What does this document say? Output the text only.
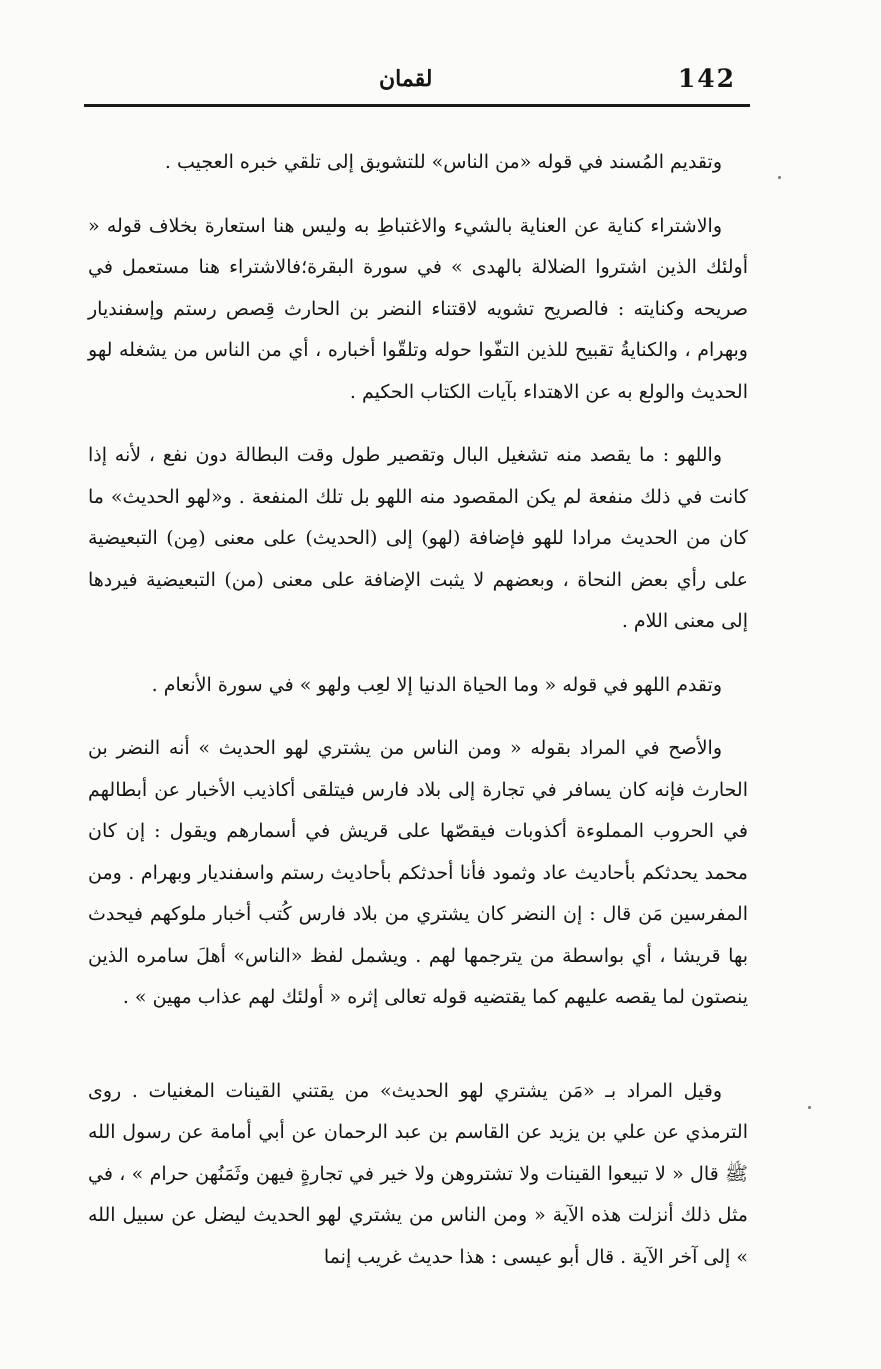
لقمان	142

وتقديم المُسند في قوله «من الناس» للتشويق إلى تلقي خبره العجيب .

والاشتراء كناية عن العناية بالشيء والاغتباطِ به وليس هنا استعارة بخلاف قوله « أولئك الذين اشتروا الضلالة بالهدى » في سورة البقرة؛فالاشتراء هنا مستعمل في صريحه وكنايته : فالصريح تشويه لاقتناء النضر بن الحارث قِصص رستم وإسفنديار وبهرام ، والكنايةُ تقبيح للذين التفّوا حوله وتلقّوا أخباره ، أي من الناس من يشغله لهو الحديث والولع به عن الاهتداء بآيات الكتاب الحكيم .

واللهو : ما يقصد منه تشغيل البال وتقصير طول وقت البطالة دون نفع ، لأنه إذا كانت في ذلك منفعة لم يكن المقصود منه اللهو بل تلك المنفعة . و«لهو الحديث» ما كان من الحديث مرادا للهو فإضافة (لهو) إلى (الحديث) على معنى (مِن) التبعيضية على رأي بعض النحاة ، وبعضهم لا يثبت الإضافة على معنى (من) التبعيضية فيردها إلى معنى اللام .

وتقدم اللهو في قوله « وما الحياة الدنيا إلا لعِب ولهو » في سورة الأنعام .

والأصح في المراد بقوله « ومن الناس من يشتري لهو الحديث » أنه النضر بن الحارث فإنه كان يسافر في تجارة إلى بلاد فارس فيتلقى أكاذيب الأخبار عن أبطالهم في الحروب المملوءة أكذوبات فيقصّها على قريش في أسمارهم ويقول : إن كان محمد يحدثكم بأحاديث عاد وثمود فأنا أحدثكم بأحاديث رستم واسفنديار وبهرام . ومن المفرسين مَن قال : إن النضر كان يشتري من بلاد فارس كُتب أخبار ملوكهم فيحدث بها قريشا ، أي بواسطة من يترجمها لهم . ويشمل لفظ «الناس» أهلَ سامره الذين ينصتون لما يقصه عليهم كما يقتضيه قوله تعالى إثره « أولئك لهم عذاب مهين » .

وقيل المراد بـ «مَن يشتري لهو الحديث» من يقتني القينات المغنيات . روى الترمذي عن علي بن يزيد عن القاسم بن عبد الرحمان عن أبي أمامة عن رسول الله ﷺ قال « لا تبيعوا القينات ولا تشتروهن ولا خير في تجارةٍ فيهن وثَمَنُهن حرام » ، في مثل ذلك أنزلت هذه الآية « ومن الناس من يشتري لهو الحديث ليضل عن سبيل الله » إلى آخر الآية . قال أبو عيسى : هذا حديث غريب إنما
